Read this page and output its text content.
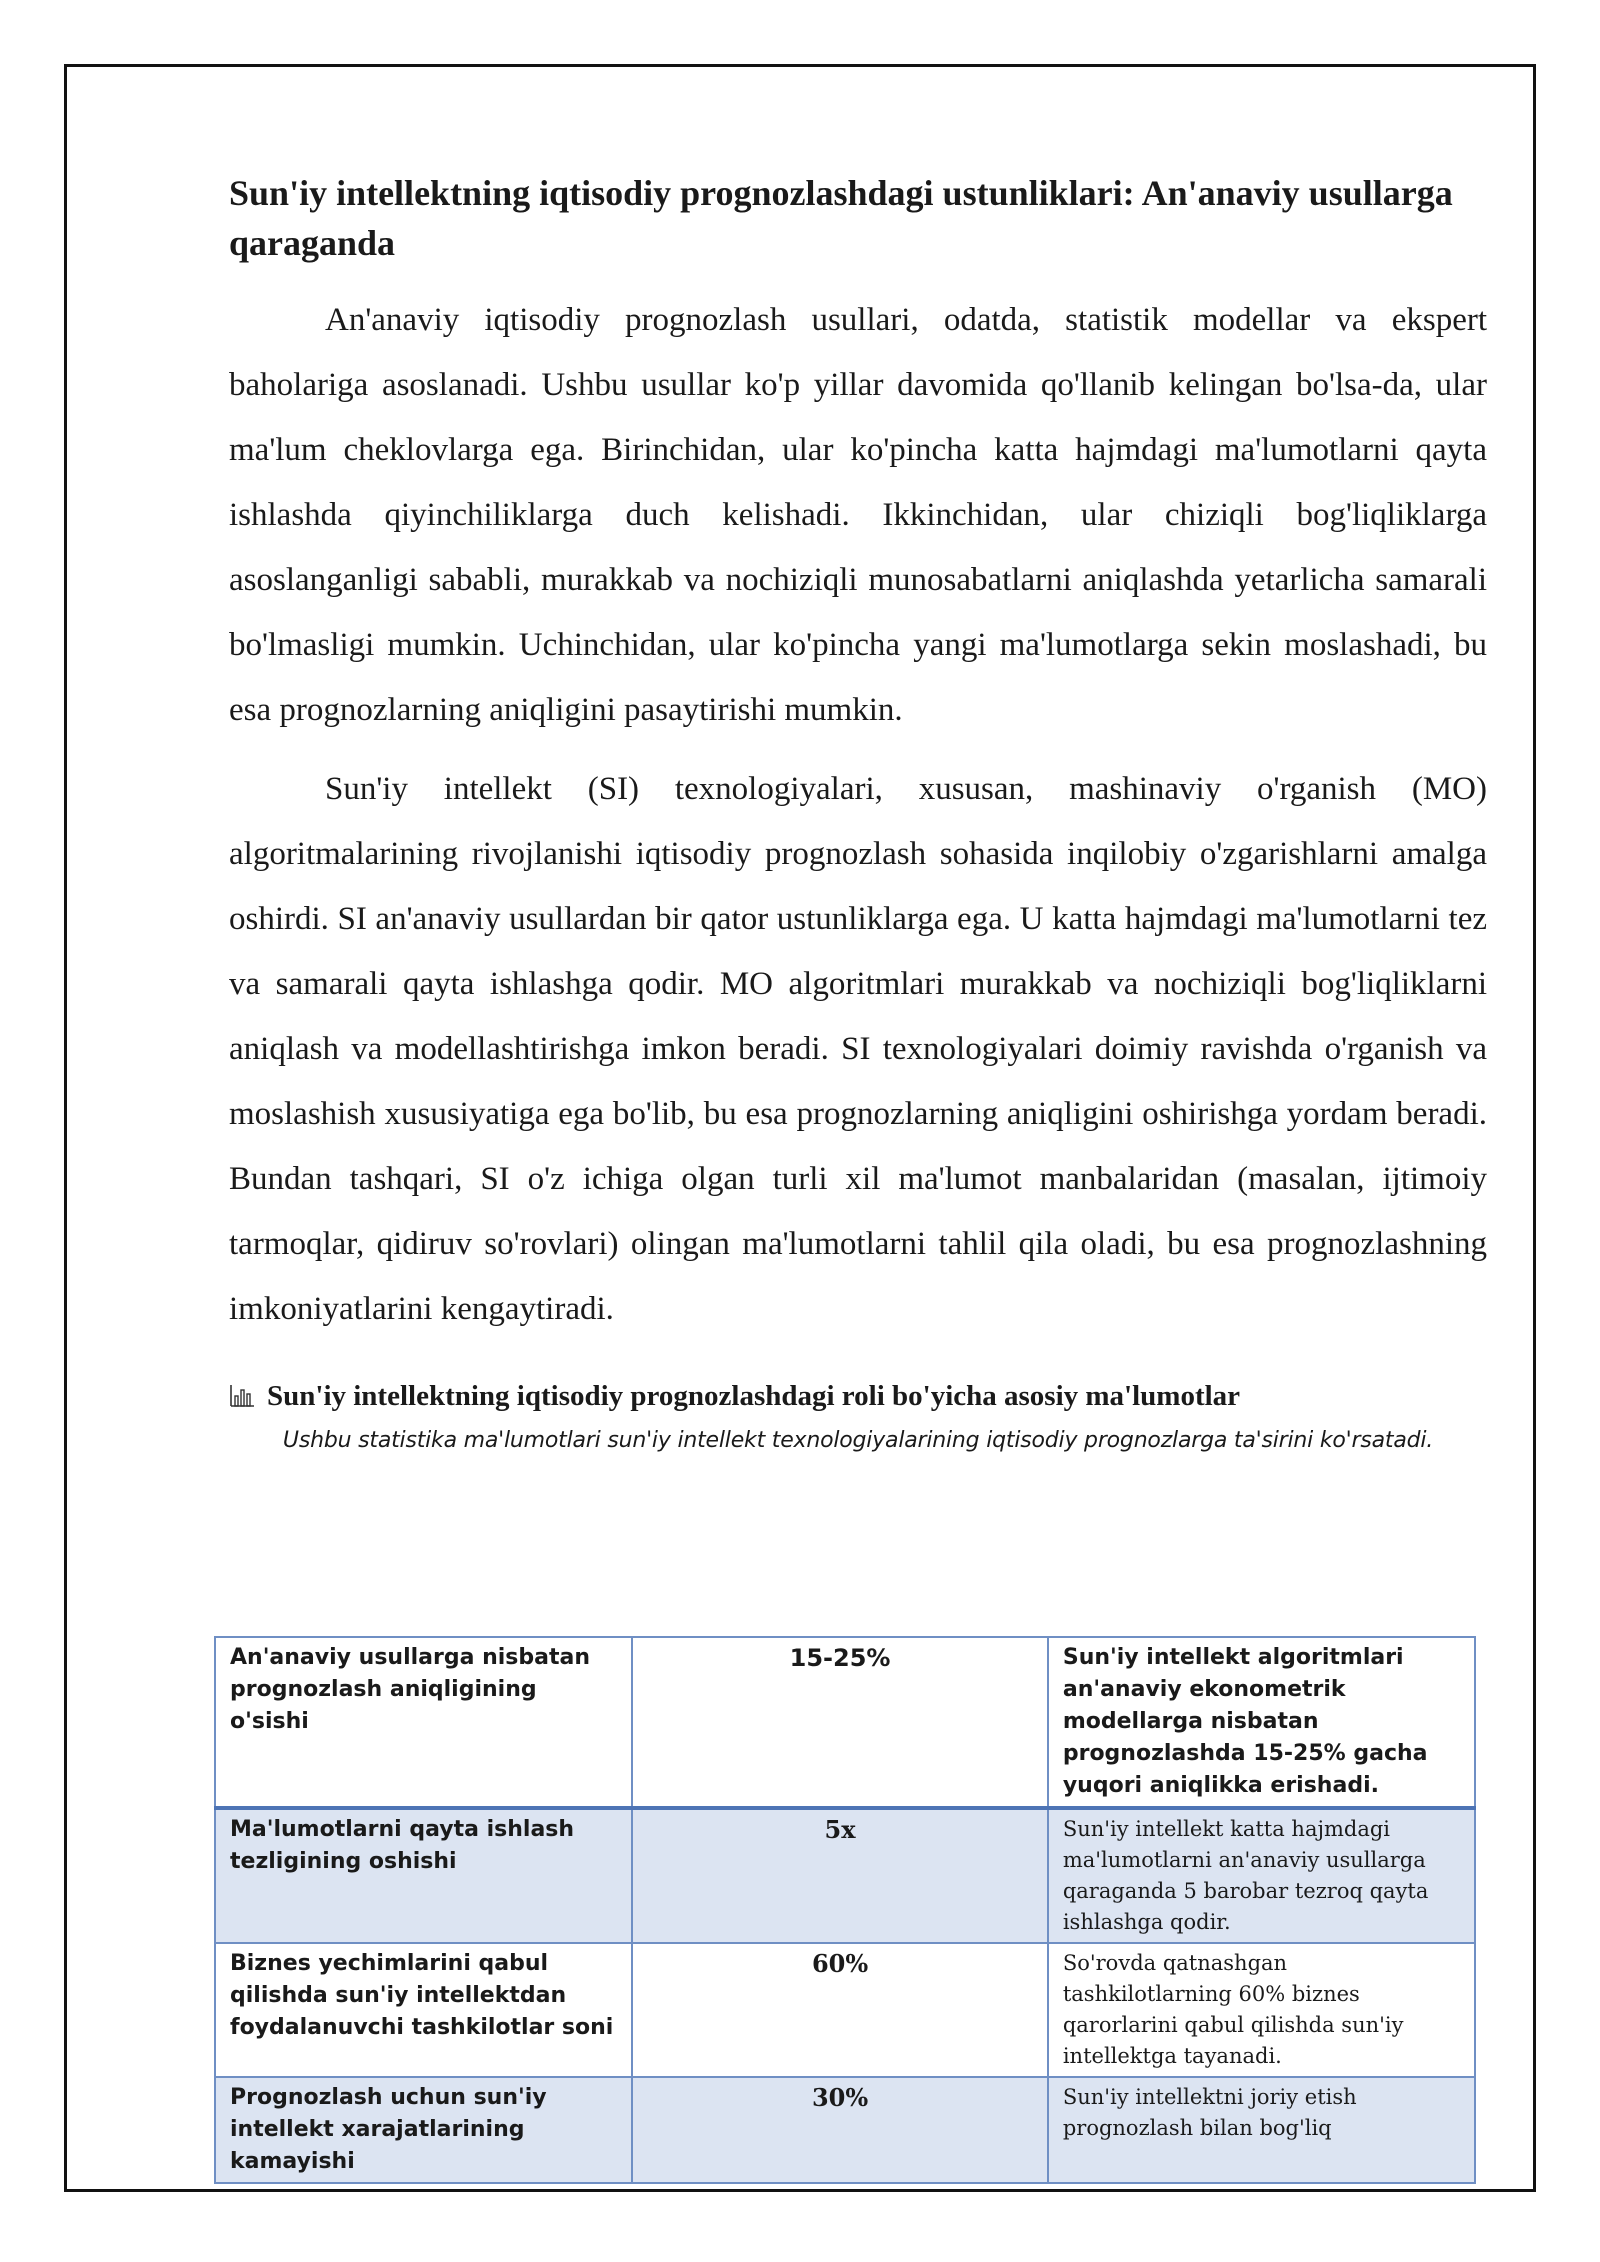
Sun'iy intellektning iqtisodiy prognozlashdagi ustunliklari: An'anaviy usullarga qaraganda

An'anaviy iqtisodiy prognozlash usullari, odatda, statistik modellar va ekspert baholariga asoslanadi. Ushbu usullar ko'p yillar davomida qo'llanib kelingan bo'lsa-da, ular ma'lum cheklovlarga ega. Birinchidan, ular ko'pincha katta hajmdagi ma'lumotlarni qayta ishlashda qiyinchiliklarga duch kelishadi. Ikkinchidan, ular chiziqli bog'liqliklarga asoslanganligi sababli, murakkab va nochiziqli munosabatlarni aniqlashda yetarlicha samarali bo'lmasligi mumkin. Uchinchidan, ular ko'pincha yangi ma'lumotlarga sekin moslashadi, bu esa prognozlarning aniqligini pasaytirishi mumkin.

Sun'iy intellekt (SI) texnologiyalari, xususan, mashinaviy o'rganish (MO) algoritmalarining rivojlanishi iqtisodiy prognozlash sohasida inqilobiy o'zgarishlarni amalga oshirdi. SI an'anaviy usullardan bir qator ustunliklarga ega. U katta hajmdagi ma'lumotlarni tez va samarali qayta ishlashga qodir. MO algoritmlari murakkab va nochiziqli bog'liqliklarni aniqlash va modellashtirishga imkon beradi. SI texnologiyalari doimiy ravishda o'rganish va moslashish xususiyatiga ega bo'lib, bu esa prognozlarning aniqligini oshirishga yordam beradi. Bundan tashqari, SI o'z ichiga olgan turli xil ma'lumot manbalaridan (masalan, ijtimoiy tarmoqlar, qidiruv so'rovlari) olingan ma'lumotlarni tahlil qila oladi, bu esa prognozlashning imkoniyatlarini kengaytiradi.

Sun'iy intellektning iqtisodiy prognozlashdagi roli bo'yicha asosiy ma'lumotlar
Ushbu statistika ma'lumotlari sun'iy intellekt texnologiyalarining iqtisodiy prognozlarga ta'sirini ko'rsatadi.
An'anaviy usullarga nisbatan prognozlash aniqligining o'sishi	15-25%	Sun'iy intellekt algoritmlari an'anaviy ekonometrik modellarga nisbatan prognozlashda 15-25% gacha yuqori aniqlikka erishadi.
Ma'lumotlarni qayta ishlash tezligining oshishi	5x	Sun'iy intellekt katta hajmdagi ma'lumotlarni an'anaviy usullarga qaraganda 5 barobar tezroq qayta ishlashga qodir.
Biznes yechimlarini qabul qilishda sun'iy intellektdan foydalanuvchi tashkilotlar soni	60%	So'rovda qatnashgan tashkilotlarning 60% biznes qarorlarini qabul qilishda sun'iy intellektga tayanadi.
Prognozlash uchun sun'iy intellekt xarajatlarining kamayishi	30%	Sun'iy intellektni joriy etish prognozlash bilan bog'liq
